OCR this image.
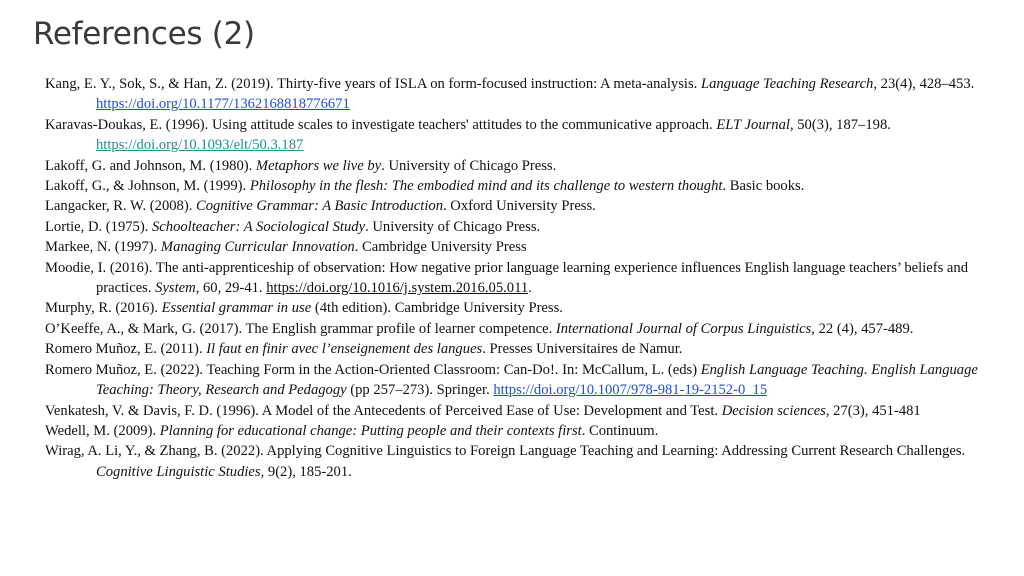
References (2)

Kang, E. Y., Sok, S., & Han, Z. (2019). Thirty-five years of ISLA on form-focused instruction: A meta-analysis. Language Teaching Research, 23(4), 428–453. https://doi.org/10.1177/1362168818776671

Karavas-Doukas, E. (1996). Using attitude scales to investigate teachers' attitudes to the communicative approach. ELT Journal, 50(3), 187–198. https://doi.org/10.1093/elt/50.3.187

Lakoff, G. and Johnson, M. (1980). Metaphors we live by. University of Chicago Press.

Lakoff, G., & Johnson, M. (1999). Philosophy in the flesh: The embodied mind and its challenge to western thought. Basic books.

Langacker, R. W. (2008). Cognitive Grammar: A Basic Introduction. Oxford University Press.

Lortie, D. (1975). Schoolteacher: A Sociological Study. University of Chicago Press.

Markee, N. (1997). Managing Curricular Innovation. Cambridge University Press

Moodie, I. (2016). The anti-apprenticeship of observation: How negative prior language learning experience influences English language teachers’ beliefs and practices. System, 60, 29-41. https://doi.org/10.1016/j.system.2016.05.011.

Murphy, R. (2016). Essential grammar in use (4th edition). Cambridge University Press.

O’Keeffe, A., & Mark, G. (2017). The English grammar profile of learner competence. International Journal of Corpus Linguistics, 22 (4), 457-489.

Romero Muñoz, E. (2011). Il faut en finir avec l’enseignement des langues. Presses Universitaires de Namur.

Romero Muñoz, E. (2022). Teaching Form in the Action-Oriented Classroom: Can-Do!. In: McCallum, L. (eds) English Language Teaching. English Language Teaching: Theory, Research and Pedagogy (pp 257–273). Springer. https://doi.org/10.1007/978-981-19-2152-0_15

Venkatesh, V. & Davis, F. D. (1996). A Model of the Antecedents of Perceived Ease of Use: Development and Test. Decision sciences, 27(3), 451-481

Wedell, M. (2009). Planning for educational change: Putting people and their contexts first. Continuum.

Wirag, A. Li, Y., & Zhang, B. (2022). Applying Cognitive Linguistics to Foreign Language Teaching and Learning: Addressing Current Research Challenges. Cognitive Linguistic Studies, 9(2), 185-201.
